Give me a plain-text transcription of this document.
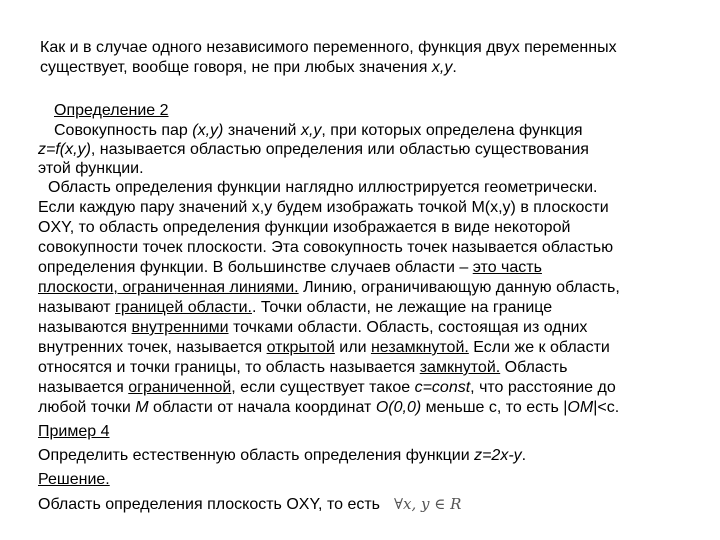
Как и в случае одного независимого переменного, функция двух переменных
существует, вообще говоря, не при любых значения x,y.
Определение 2
Совокупность пар (x,y) значений x,y, при которых определена функция
z=f(x,y), называется областью определения или областью существования
этой функции.
Область определения функции наглядно иллюстрируется геометрически.
Если каждую пару значений x,y будем изображать точкой M(x,y) в плоскости
OXY, то область определения функции изображается в виде некоторой
совокупности точек плоскости. Эта совокупность точек называется областью
определения функции. В большинстве случаев области – это часть
плоскости, ограниченная линиями. Линию, ограничивающую данную область,
называют границей области.. Точки области, не лежащие на границе
называются внутренними точками области. Область, состоящая из одних
внутренних точек, называется открытой или незамкнутой. Если же к области
относятся и точки границы, то область называется замкнутой. Область
называется ограниченной, если существует такое c=const, что расстояние до
любой точки M области от начала координат O(0,0) меньше c, то есть |OM|<c.
Пример 4
Определить естественную область определения функции z=2x-y.
Решение.
Область определения плоскость OXY, то есть ∀x, y ∈ R
